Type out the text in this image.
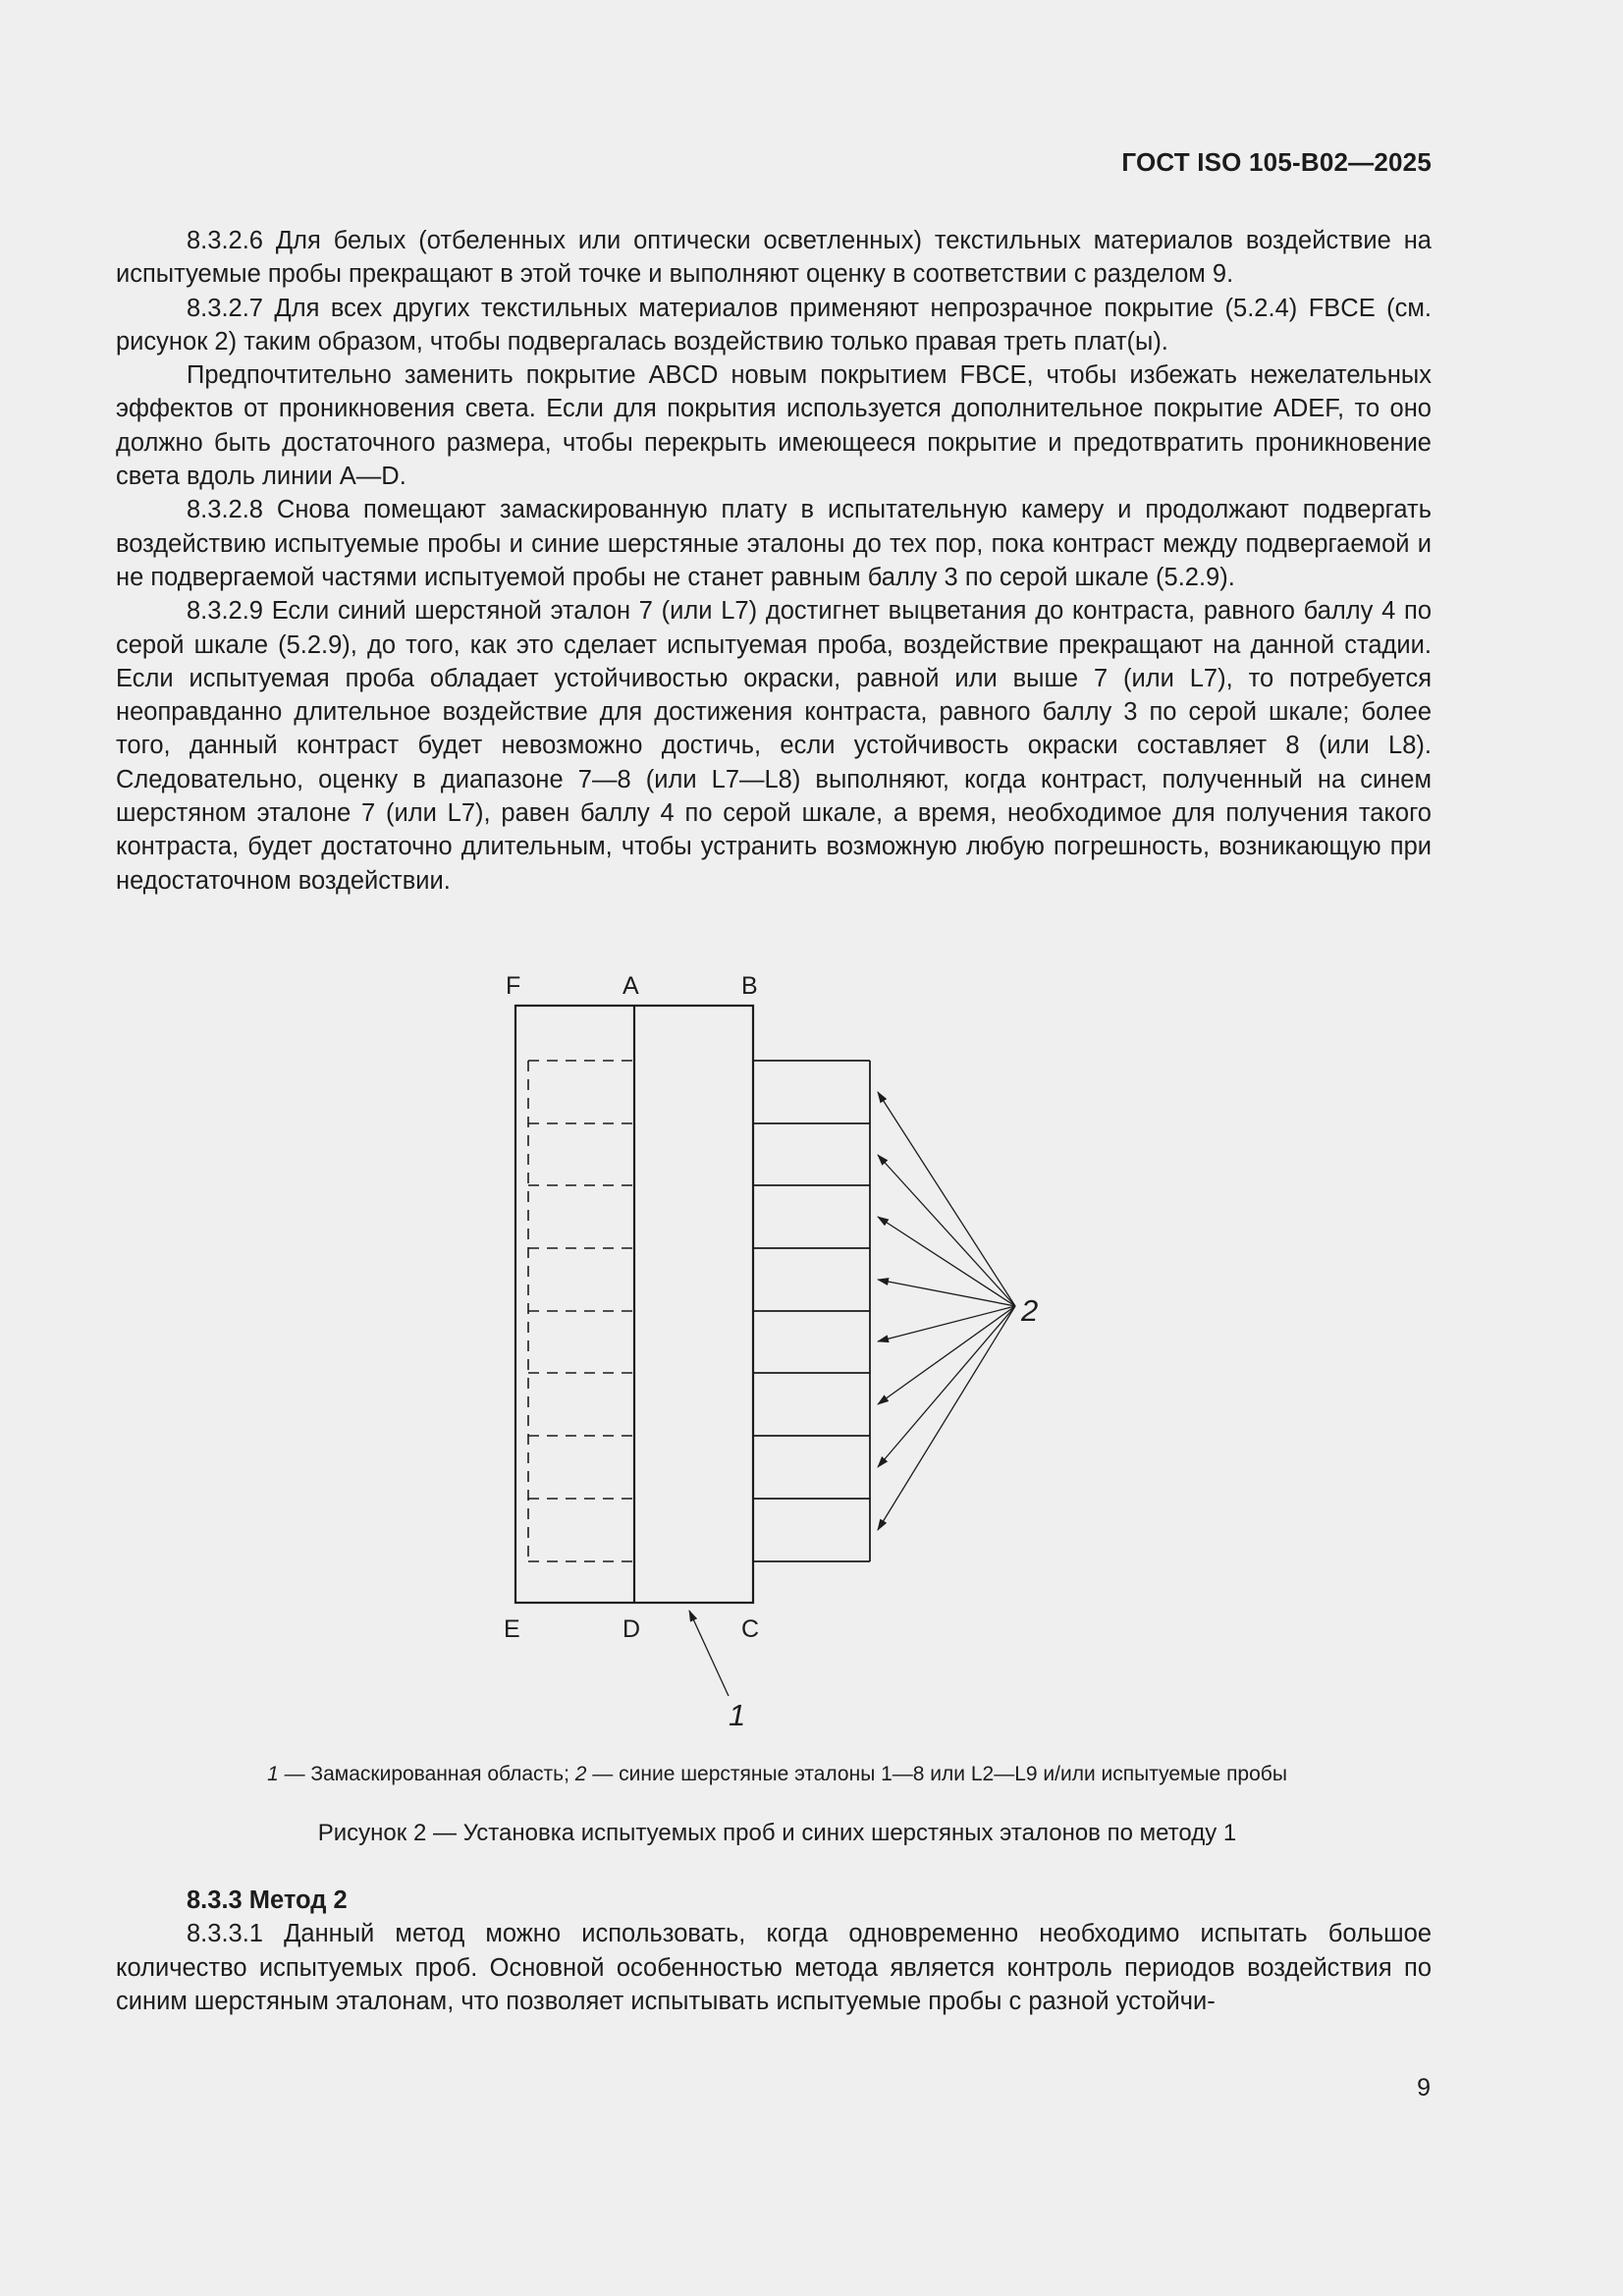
ГОСТ ISO 105-B02—2025

8.3.2.6 Для белых (отбеленных или оптически осветленных) текстильных материалов воздействие на испытуемые пробы прекращают в этой точке и выполняют оценку в соответствии с разделом 9.

8.3.2.7 Для всех других текстильных материалов применяют непрозрачное покрытие (5.2.4) FBCE (см. рисунок 2) таким образом, чтобы подвергалась воздействию только правая треть плат(ы).

Предпочтительно заменить покрытие ABCD новым покрытием FBCE, чтобы избежать нежелательных эффектов от проникновения света. Если для покрытия используется дополнительное покрытие ADEF, то оно должно быть достаточного размера, чтобы перекрыть имеющееся покрытие и предотвратить проникновение света вдоль линии A—D.

8.3.2.8 Снова помещают замаскированную плату в испытательную камеру и продолжают подвергать воздействию испытуемые пробы и синие шерстяные эталоны до тех пор, пока контраст между подвергаемой и не подвергаемой частями испытуемой пробы не станет равным баллу 3 по серой шкале (5.2.9).

8.3.2.9 Если синий шерстяной эталон 7 (или L7) достигнет выцветания до контраста, равного баллу 4 по серой шкале (5.2.9), до того, как это сделает испытуемая проба, воздействие прекращают на данной стадии. Если испытуемая проба обладает устойчивостью окраски, равной или выше 7 (или L7), то потребуется неоправданно длительное воздействие для достижения контраста, равного баллу 3 по серой шкале; более того, данный контраст будет невозможно достичь, если устойчивость окраски составляет 8 (или L8). Следовательно, оценку в диапазоне 7—8 (или L7—L8) выполняют, когда контраст, полученный на синем шерстяном эталоне 7 (или L7), равен баллу 4 по серой шкале, а время, необходимое для получения такого контраста, будет достаточно длительным, чтобы устранить возможную любую погрешность, возникающую при недостаточном воздействии.

F	A	B
E	D	C
2
1
1 — Замаскированная область; 2 — синие шерстяные эталоны 1—8 или L2—L9 и/или испытуемые пробы
Рисунок 2 — Установка испытуемых проб и синих шерстяных эталонов по методу 1
8.3.3 Метод 2

8.3.3.1 Данный метод можно использовать, когда одновременно необходимо испытать большое количество испытуемых проб. Основной особенностью метода является контроль периодов воздействия по синим шерстяным эталонам, что позволяет испытывать испытуемые пробы с разной устойчи-

9
